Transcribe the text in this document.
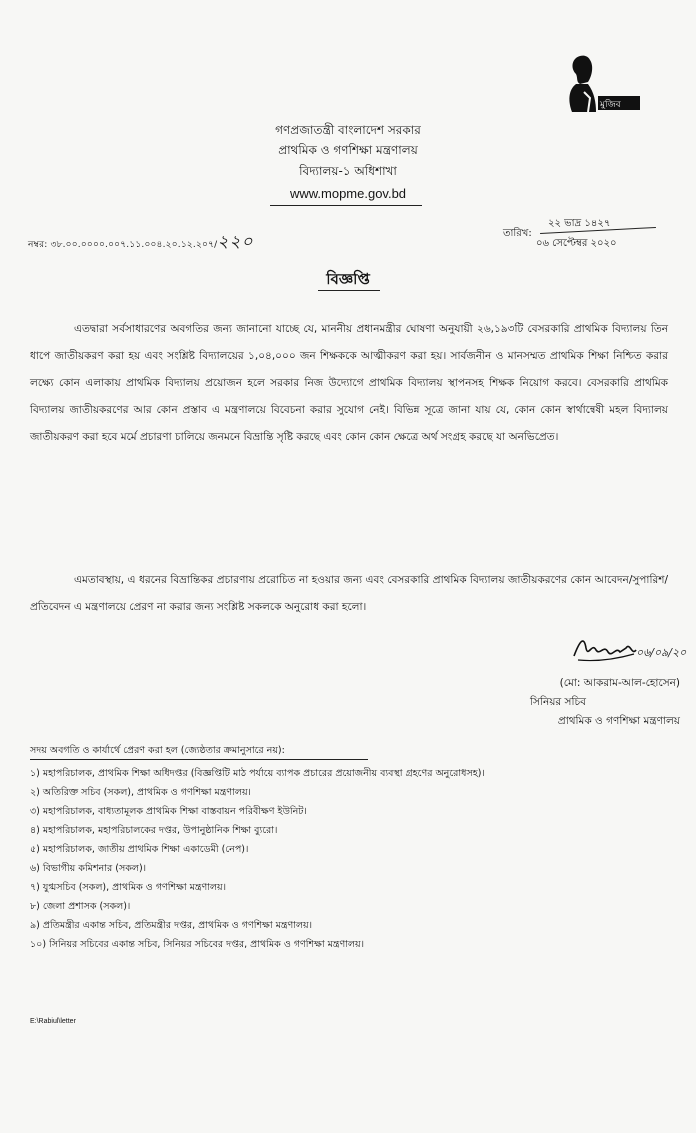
মুজিব
গণপ্রজাতন্ত্রী বাংলাদেশ সরকার
প্রাথমিক ও গণশিক্ষা মন্ত্রণালয়
বিদ্যালয়-১ অধিশাখা
www.mopme.gov.bd
নম্বর: ৩৮.০০.০০০০.০০৭.১১.০০৪.২০.১২.২০৭/২২০	তারিখ:
২২ ভাদ্র ১৪২৭
০৬ সেপ্টেম্বর ২০২০
বিজ্ঞপ্তি
এতদ্বারা সর্বসাধারণের অবগতির জন্য জানানো যাচ্ছে যে, মাননীয় প্রধানমন্ত্রীর ঘোষণা অনুযায়ী ২৬,১৯৩টি বেসরকারি প্রাথমিক বিদ্যালয় তিন ধাপে জাতীয়করণ করা হয় এবং সংশ্লিষ্ট বিদ্যালয়ের ১,০৪,০০০ জন শিক্ষককে আত্মীকরণ করা হয়। সার্বজনীন ও মানসম্মত প্রাথমিক শিক্ষা নিশ্চিত করার লক্ষ্যে কোন এলাকায় প্রাথমিক বিদ্যালয় প্রয়োজন হলে সরকার নিজ উদ্যোগে প্রাথমিক বিদ্যালয় স্থাপনসহ শিক্ষক নিয়োগ করবে। বেসরকারি প্রাথমিক বিদ্যালয় জাতীয়করণের আর কোন প্রস্তাব এ মন্ত্রণালয়ে বিবেচনা করার সুযোগ নেই। বিভিন্ন সূত্রে জানা যায় যে, কোন কোন স্বার্থান্বেষী মহল বিদ্যালয় জাতীয়করণ করা হবে মর্মে প্রচারণা চালিয়ে জনমনে বিভ্রান্তি সৃষ্টি করছে এবং কোন কোন ক্ষেত্রে অর্থ সংগ্রহ করছে যা অনভিপ্রেত।
এমতাবস্থায়, এ ধরনের বিভ্রান্তিকর প্রচারণায় প্ররোচিত না হওয়ার জন্য এবং বেসরকারি প্রাথমিক বিদ্যালয় জাতীয়করণের কোন আবেদন/সুপারিশ/প্রতিবেদন এ মন্ত্রণালয়ে প্রেরণ না করার জন্য সংশ্লিষ্ট সকলকে অনুরোধ করা হলো।
০৬/০৯/২০
(মো: আকরাম-আল-হোসেন)
সিনিয়র সচিব
প্রাথমিক ও গণশিক্ষা মন্ত্রণালয়
সদয় অবগতি ও কার্যার্থে প্রেরণ করা হল (জ্যেষ্ঠতার ক্রমানুসারে নয়):
১) মহাপরিচালক, প্রাথমিক শিক্ষা অধিদপ্তর (বিজ্ঞপ্তিটি মাঠ পর্যায়ে ব্যাপক প্রচারের প্রয়োজনীয় ব্যবস্থা গ্রহণের অনুরোধসহ)।
২) অতিরিক্ত সচিব (সকল), প্রাথমিক ও গণশিক্ষা মন্ত্রণালয়।
৩) মহাপরিচালক, বাধ্যতামূলক প্রাথমিক শিক্ষা বাস্তবায়ন পরিবীক্ষণ ইউনিট।
৪) মহাপরিচালক, মহাপরিচালকের দপ্তর, উপানুষ্ঠানিক শিক্ষা ব্যুরো।
৫) মহাপরিচালক, জাতীয় প্রাথমিক শিক্ষা একাডেমী (নেপ)।
৬) বিভাগীয় কমিশনার (সকল)।
৭) যুগ্মসচিব (সকল), প্রাথমিক ও গণশিক্ষা মন্ত্রণালয়।
৮) জেলা প্রশাসক (সকল)।
৯) প্রতিমন্ত্রীর একান্ত সচিব, প্রতিমন্ত্রীর দপ্তর, প্রাথমিক ও গণশিক্ষা মন্ত্রণালয়।
১০) সিনিয়র সচিবের একান্ত সচিব, সিনিয়র সচিবের দপ্তর, প্রাথমিক ও গণশিক্ষা মন্ত্রণালয়।
E:\Rabiul\letter
